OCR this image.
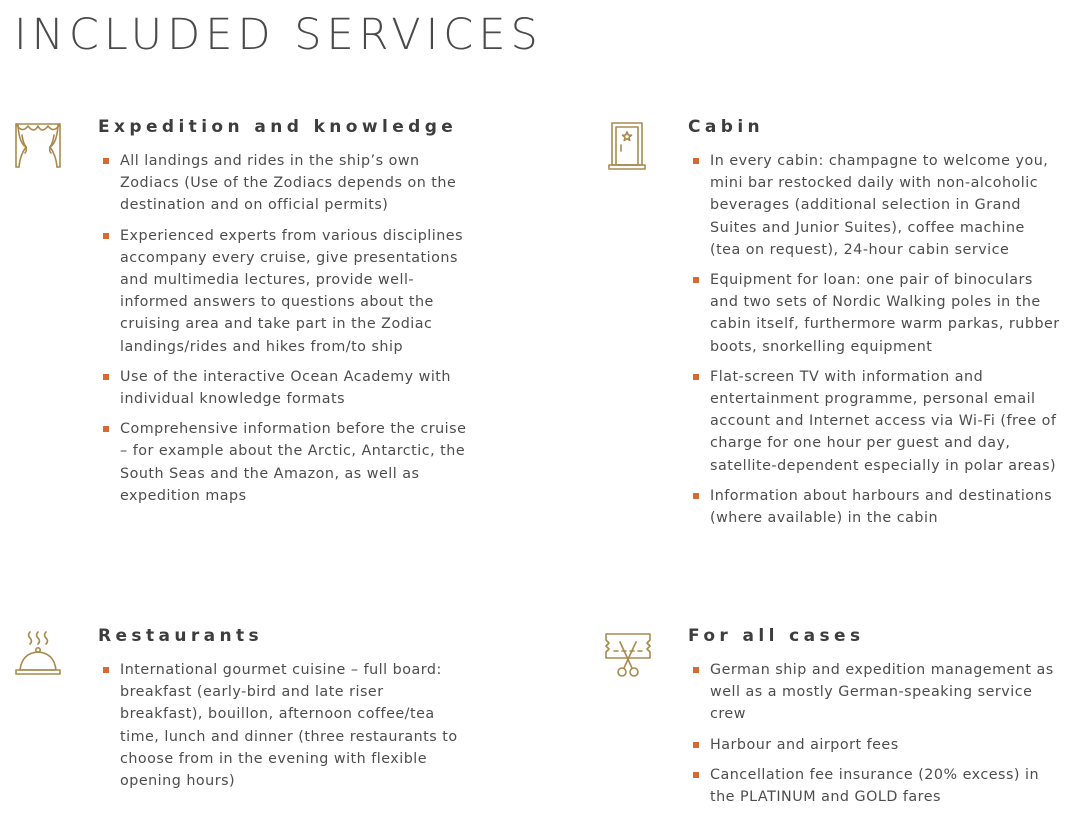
INCLUDED SERVICES
Expedition and knowledge
All landings and rides in the ship’s own Zodiacs (Use of the Zodiacs depends on the destination and on official permits)
Experienced experts from various disciplines accompany every cruise, give presentations and multimedia lectures, provide well-informed answers to questions about the cruising area and take part in the Zodiac landings/rides and hikes from/to ship
Use of the interactive Ocean Academy with individual knowledge formats
Comprehensive information before the cruise – for example about the Arctic, Antarctic, the South Seas and the Amazon, as well as expedition maps
Cabin
In every cabin: champagne to welcome you, mini bar restocked daily with non-alcoholic beverages (additional selection in Grand Suites and Junior Suites), coffee machine (tea on request), 24-hour cabin service
Equipment for loan: one pair of binoculars and two sets of Nordic Walking poles in the cabin itself, furthermore warm parkas, rubber boots, snorkelling equipment
Flat-screen TV with information and entertainment programme, personal email account and Internet access via Wi-Fi (free of charge for one hour per guest and day, satellite-dependent especially in polar areas)
Information about harbours and destinations (where available) in the cabin
Restaurants
International gourmet cuisine – full board: breakfast (early-bird and late riser breakfast), bouillon, afternoon coffee/tea time, lunch and dinner (three restaurants to choose from in the evening with flexible opening hours)
For all cases
German ship and expedition management as well as a mostly German-speaking service crew
Harbour and airport fees
Cancellation fee insurance (20% excess) in the PLATINUM and GOLD fares
